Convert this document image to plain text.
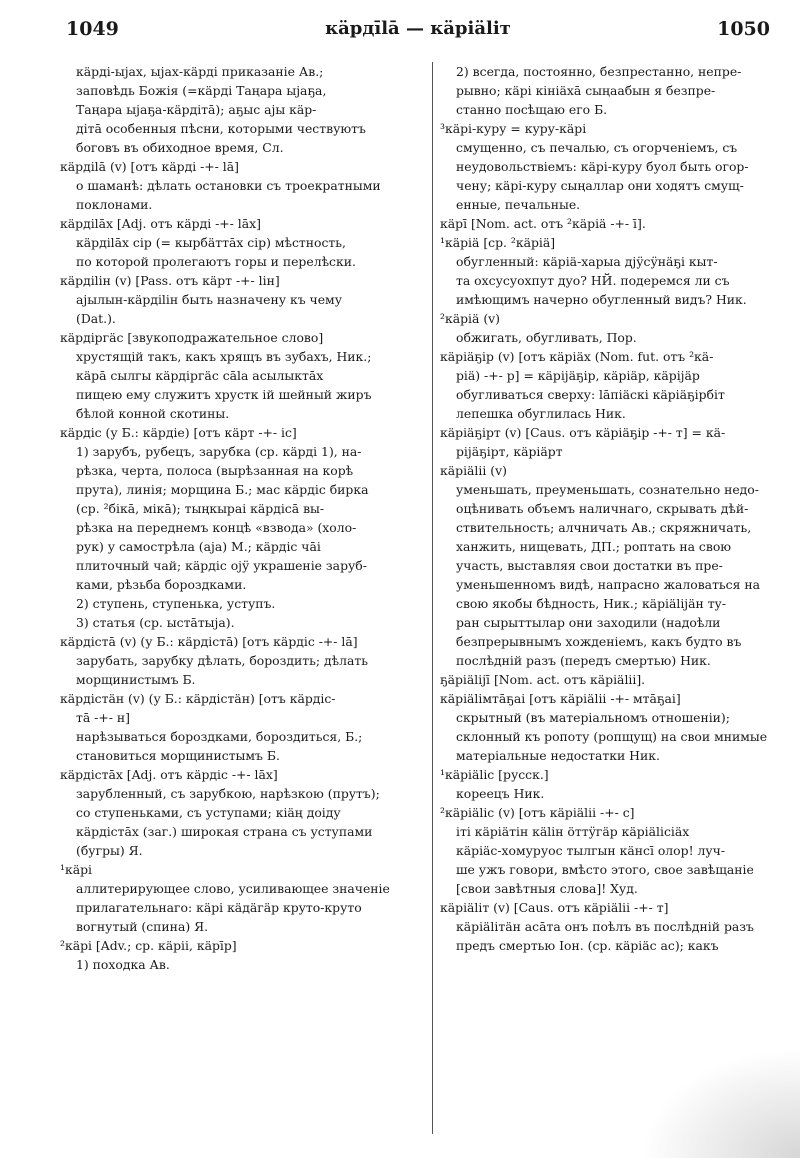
1049	кäрдīlā — кäріälіт	1050
кäрді-ыјах, ыјах-кäрді приказаніе Ав.;
заповѣдь Божія (=кäрді Таңара ыјаҕа,
Таңара ыјаҕа-кäрдітā); аҕыс ајы кäр-
дітā особенныя пѣсни, которыми чествуютъ
боговъ въ обиходное время, Сл.
кäрдіlā (v) [отъ кäрді -+- lā]
о шаманѣ: дѣлать остановки съ троекратными
поклонами.
кäрдіlāх [Adj. отъ кäрді -+- lāх]
кäрдіlāх сір (= кырбäттāх сір) мѣстность,
по которой пролегаютъ горы и перелѣски.
кäрдіlін (v) [Pass. отъ кäрт -+- lін]
ајылын-кäрдіlін быть назначену къ чему
(Dat.).
кäрдіргäс [звукоподражательное слово]
хрустящій такъ, какъ хрящъ въ зубахъ, Ник.;
кäрā сылгы кäрдіргäс сālа асылыктāх
пищею ему служитъ хрустк ій шейный жиръ
бѣлой конной скотины.
кäрдіс (у Б.: кäрдіе) [отъ кäрт -+- іс]
1) зарубъ, рубецъ, зарубка (ср. кäрді 1), на-
рѣзка, черта, полоса (вырѣзанная на корѣ
прута), линія; морщина Б.; мас кäрдіс бирка
(ср. ²бікā, мікā); тыңкырai кäрдісā вы-
рѣзка на переднемъ концѣ «взвода» (холо-
рук) у самострѣла (аја) М.; кäрдіс чāі
плиточный чай; кäрдіс ојӱ украшеніе заруб-
ками, рѣзьба бороздками.
2) ступень, ступенька, уступъ.
3) статья (ср. ыстāтыја).
кäрдістā (v) (у Б.: кäрдістā) [отъ кäрдіс -+- lā]
зарубать, зарубку дѣлать, бороздить; дѣлать
морщинистымъ Б.
кäрдістäн (v) (у Б.: кäрдістäн) [отъ кäрдіс-
тā -+- н]
нарѣзываться бороздками, бороздиться, Б.;
становиться морщинистымъ Б.
кäрдістāх [Adj. отъ кäрдіс -+- lāх]
зарубленный, съ зарубкою, нарѣзкою (прутъ);
со ступеньками, съ уступами; кіäң доіду
кäрдістāх (заг.) широкая страна съ уступами
(бугры) Я.
¹кäрі
аллитерирующее слово, усиливающее значеніе
прилагательнаго: кäрі кäдäгäр круто-круто
вогнутый (спина) Я.
²кäрі [Adv.; ср. кäріі, кäрīр]
1) походка Ав.
2) всегда, постоянно, безпрестанно, непре-
рывно; кäрі кініäхā сыңаабын я безпре-
станно посѣщаю его Б.
³кäрі-куру = куру-кäрі
смущенно, съ печалью, съ огорченіемъ, съ
неудовольствіемъ: кäрі-куру буол быть огор-
чену; кäрі-куру сыңаллар они ходятъ смущ-
енные, печальные.
кäрī [Nom. act. отъ ²кäріä -+- ī].
¹кäріä [ср. ²кäріä]
обугленный: кäріä-харыа дјӱсӱнäҕі кыт-
та охсусуохпут дуо? НЙ. подеремся ли съ
имѣющимъ начерно обугленный видъ? Ник.
²кäріä (v)
обжигать, обугливать, Пор.
кäріäҕір (v) [отъ кäріäх (Nom. fut. отъ ²кä-
ріä) -+- р] = кäріјäҕір, кäріäр, кäріјäр
обугливаться сверху: lāпіäскі кäріäҕірбіт
лепешка обуглилась Ник.
кäріäҕірт (v) [Caus. отъ кäріäҕір -+- т] = кä-
ріјäҕірт, кäріäрт
кäріälіі (v)
уменьшать, преуменьшать, сознательно недо-
оцѣнивать объемъ наличнаго, скрывать дѣй-
ствительность; алчничать Ав.; скряжничать,
ханжить, нищевать, ДП.; роптать на свою
участь, выставляя свои достатки въ пре-
уменьшенномъ видѣ, напрасно жаловаться на
свою якобы бѣдность, Ник.; кäріälіјäн ту-
ран сырыттылар они заходили (надоѣли
безпрерывнымъ хожденіемъ, какъ будто въ
послѣдній разъ (передъ смертью) Ник.
ҕäріälіјī [Nom. act. отъ кäріälіі].
кäріälімтāҕаі [отъ кäріälіі -+- мтāҕаі]
скрытный (въ матеріальномъ отношеніи);
склонный къ ропоту (ропщущ) на свои мнимые
матеріальные недостатки Ник.
¹кäріälіс [русск.]
кореецъ Ник.
²кäріälіс (v) [отъ кäріälіі -+- с]
іті кäріäтін кälін öттӱгäр кäріälісіäх
кäріäс-хомуруос тылгын кäнсī олор! луч-
ше ужъ говори, вмѣсто этого, свое завѣщаніе
[свои завѣтныя слова]! Худ.
кäріälіт (v) [Caus. отъ кäріälіі -+- т]
кäріälітäн асāта онъ поѣлъ въ послѣдній разъ
предъ смертью Іон. (ср. кäріäс ас); какъ
